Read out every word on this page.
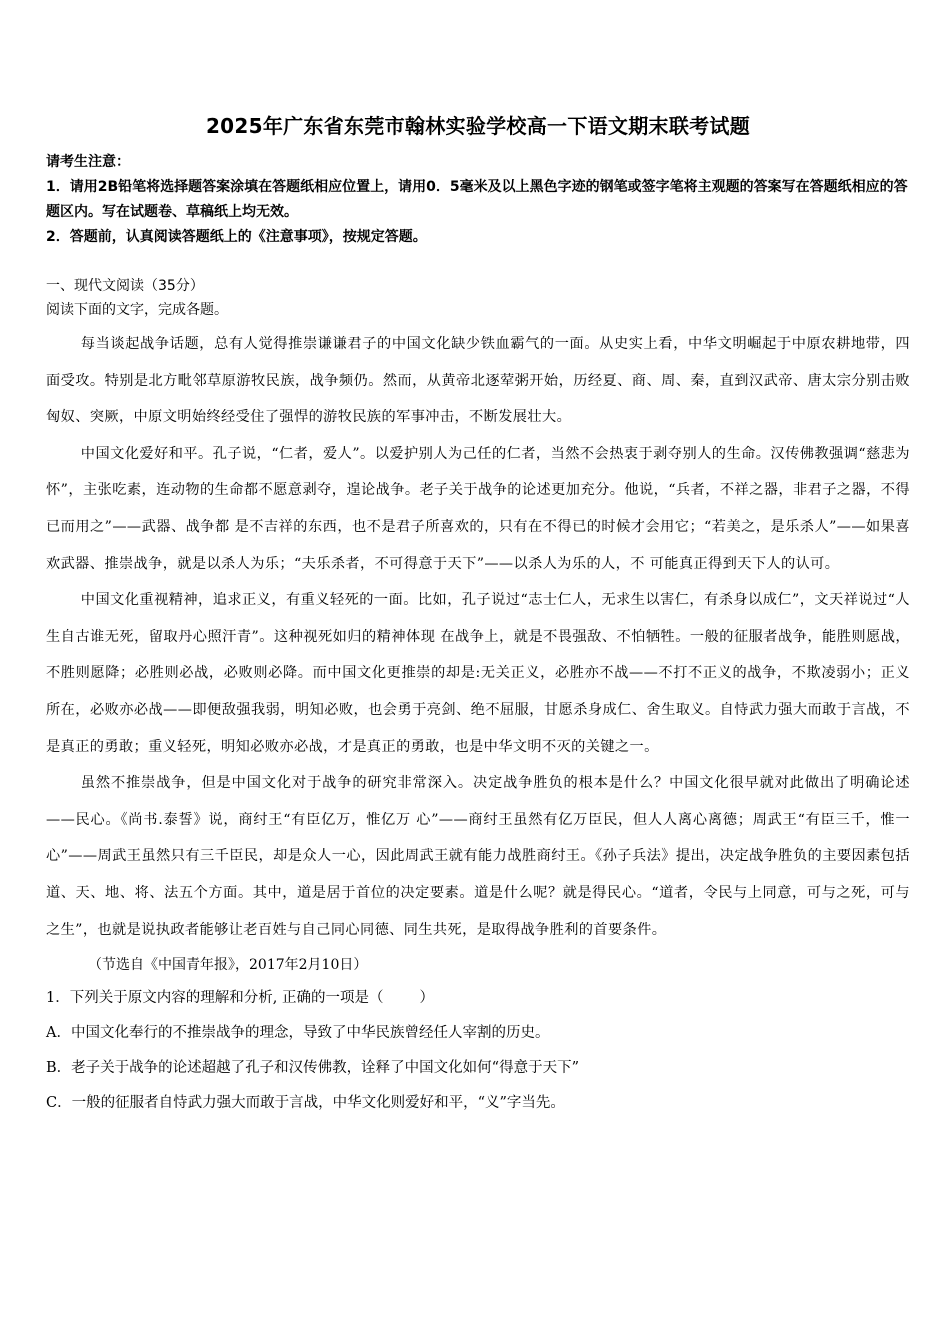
2025年广东省东莞市翰林实验学校高一下语文期末联考试题

请考生注意：

1．请用2B铅笔将选择题答案涂填在答题纸相应位置上，请用0．5毫米及以上黑色字迹的钢笔或签字笔将主观题的答案写在答题纸相应的答题区内。写在试题卷、草稿纸上均无效。

2．答题前，认真阅读答题纸上的《注意事项》，按规定答题。

一、现代文阅读（35分）
阅读下面的文字，完成各题。

每当谈起战争话题，总有人觉得推崇谦谦君子的中国文化缺少铁血霸气的一面。从史实上看，中华文明崛起于中原农耕地带，四面受攻。特别是北方毗邻草原游牧民族，战争频仍。然而，从黄帝北逐荤粥开始，历经夏、商、周、秦，直到汉武帝、唐太宗分别击败匈奴、突厥，中原文明始终经受住了强悍的游牧民族的军事冲击，不断发展壮大。

中国文化爱好和平。孔子说，“仁者，爱人”。以爱护别人为己任的仁者，当然不会热衷于剥夺别人的生命。汉传佛教强调“慈悲为怀”，主张吃素，连动物的生命都不愿意剥夺，遑论战争。老子关于战争的论述更加充分。他说，“兵者，不祥之器，非君子之器，不得已而用之”——武器、战争都 是不吉祥的东西，也不是君子所喜欢的，只有在不得已的时候才会用它；“若美之，是乐杀人”——如果喜欢武器、推崇战争，就是以杀人为乐；“夫乐杀者，不可得意于天下”——以杀人为乐的人，不 可能真正得到天下人的认可。

中国文化重视精神，追求正义，有重义轻死的一面。比如，孔子说过“志士仁人，无求生以害仁，有杀身以成仁”，文天祥说过“人生自古谁无死，留取丹心照汗青”。这种视死如归的精神体现 在战争上，就是不畏强敌、不怕牺牲。一般的征服者战争，能胜则愿战，不胜则愿降；必胜则必战，必败则必降。而中国文化更推崇的却是:无关正义，必胜亦不战——不打不正义的战争，不欺凌弱小；正义所在，必败亦必战——即便敌强我弱，明知必败，也会勇于亮剑、绝不屈服，甘愿杀身成仁、舍生取义。自恃武力强大而敢于言战，不是真正的勇敢；重义轻死，明知必败亦必战，才是真正的勇敢，也是中华文明不灭的关键之一。

虽然不推崇战争，但是中国文化对于战争的研究非常深入。决定战争胜负的根本是什么？中国文化很早就对此做出了明确论述——民心。《尚书.泰誓》说，商纣王“有臣亿万，惟亿万 心”——商纣王虽然有亿万臣民，但人人离心离德；周武王“有臣三千，惟一心”——周武王虽然只有三千臣民，却是众人一心，因此周武王就有能力战胜商纣王。《孙子兵法》提出，决定战争胜负的主要因素包括道、天、地、将、法五个方面。其中，道是居于首位的决定要素。道是什么呢？就是得民心。“道者，令民与上同意，可与之死，可与之生”，也就是说执政者能够让老百姓与自己同心同德、同生共死，是取得战争胜利的首要条件。

（节选自《中国青年报》，2017年2月10日）

1．下列关于原文内容的理解和分析, 正确的一项是（ ）

A．中国文化奉行的不推崇战争的理念，导致了中华民族曾经任人宰割的历史。

B．老子关于战争的论述超越了孔子和汉传佛教，诠释了中国文化如何“得意于天下”

C．一般的征服者自恃武力强大而敢于言战，中华文化则爱好和平，“义”字当先。
